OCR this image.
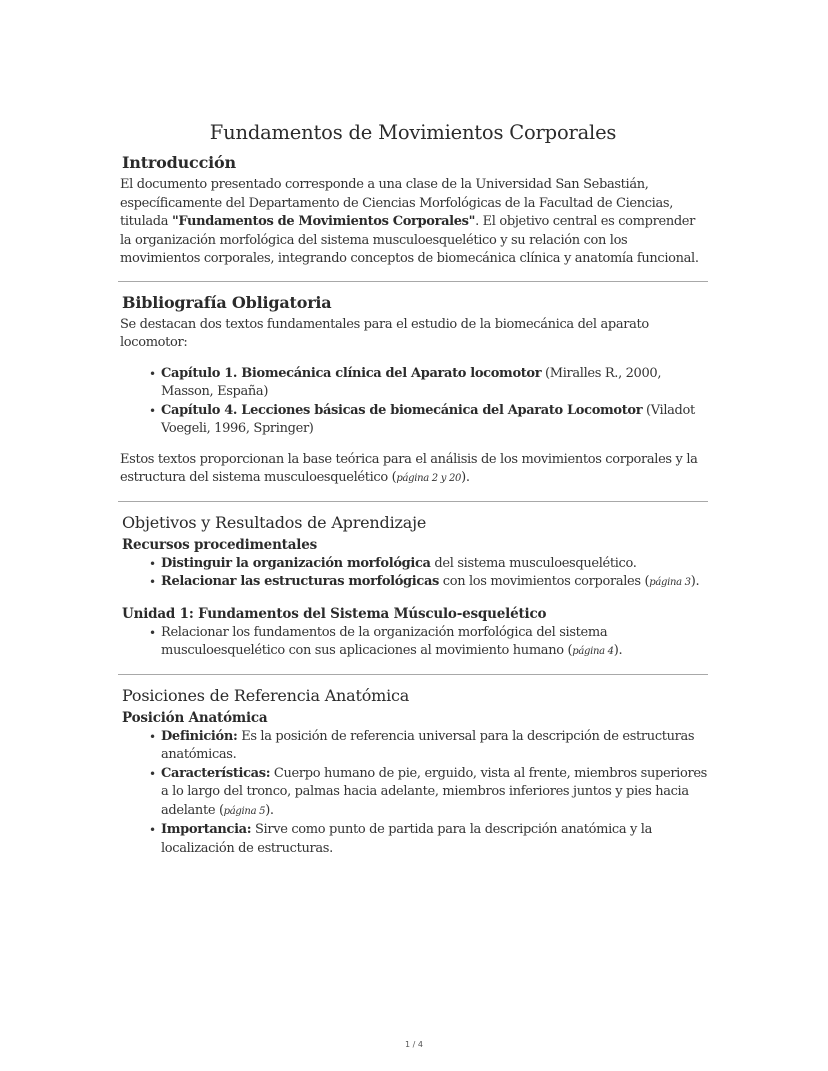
Fundamentos de Movimientos Corporales
Introducción

El documento presentado corresponde a una clase de la Universidad San Sebastián, específicamente del Departamento de Ciencias Morfológicas de la Facultad de Ciencias, titulada "Fundamentos de Movimientos Corporales". El objetivo central es comprender la organización morfológica del sistema musculoesquelético y su relación con los movimientos corporales, integrando conceptos de biomecánica clínica y anatomía funcional.

Bibliografía Obligatoria

Se destacan dos textos fundamentales para el estudio de la biomecánica del aparato locomotor:

• Capítulo 1. Biomecánica clínica del Aparato locomotor (Miralles R., 2000, Masson, España)
• Capítulo 4. Lecciones básicas de biomecánica del Aparato Locomotor (Viladot Voegeli, 1996, Springer)

Estos textos proporcionan la base teórica para el análisis de los movimientos corporales y la estructura del sistema musculoesquelético (página 2 y 20).

Objetivos y Resultados de Aprendizaje
Recursos procedimentales
• Distinguir la organización morfológica del sistema musculoesquelético.
• Relacionar las estructuras morfológicas con los movimientos corporales (página 3).
Unidad 1: Fundamentos del Sistema Músculo-esquelético
• Relacionar los fundamentos de la organización morfológica del sistema musculoesquelético con sus aplicaciones al movimiento humano (página 4).
Posiciones de Referencia Anatómica
Posición Anatómica
• Definición: Es la posición de referencia universal para la descripción de estructuras anatómicas.
• Características: Cuerpo humano de pie, erguido, vista al frente, miembros superiores a lo largo del tronco, palmas hacia adelante, miembros inferiores juntos y pies hacia adelante (página 5).
• Importancia: Sirve como punto de partida para la descripción anatómica y la localización de estructuras.
1 / 4
